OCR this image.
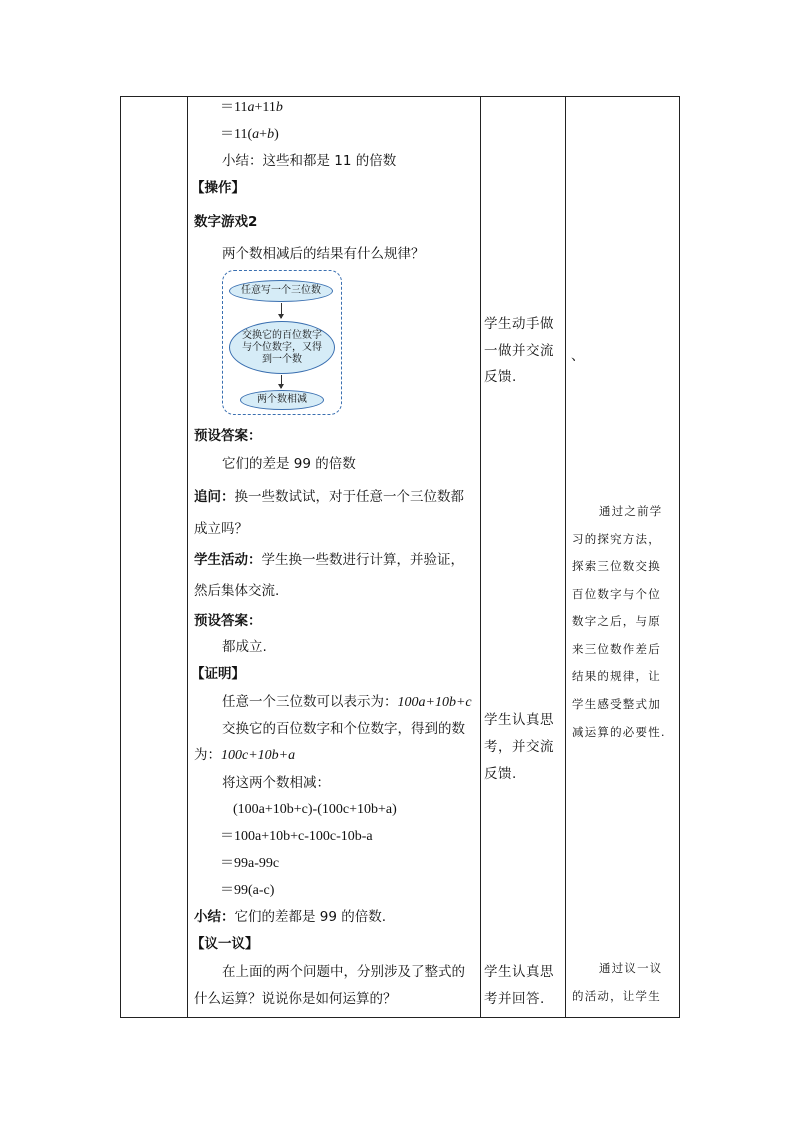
＝11a+11b
＝11(a+b)
小结：这些和都是 11 的倍数
【操作】
数字游戏2
两个数相减后的结果有什么规律？
任意写一个三位数
交换它的百位数字与个位数字，又得到一个数
两个数相减
预设答案：
它们的差是 99 的倍数
追问：换一些数试试，对于任意一个三位数都
成立吗？
学生活动：学生换一些数进行计算，并验证，
然后集体交流.
预设答案：
都成立.
【证明】
任意一个三位数可以表示为：100a+10b+c
交换它的百位数字和个位数字，得到的数
为：100c+10b+a
将这两个数相减：
(100a+10b+c)-(100c+10b+a)
＝100a+10b+c-100c-10b-a
＝99a-99c
＝99(a-c)
小结：它们的差都是 99 的倍数.
【议一议】
在上面的两个问题中，分别涉及了整式的
什么运算？说说你是如何运算的？
学生动手做
一做并交流
反馈.
学生认真思
考，并交流
反馈.
学生认真思
考并回答.
、
通过之前学
习的探究方法，
探索三位数交换
百位数字与个位
数字之后，与原
来三位数作差后
结果的规律，让
学生感受整式加
减运算的必要性.
通过议一议
的活动，让学生
